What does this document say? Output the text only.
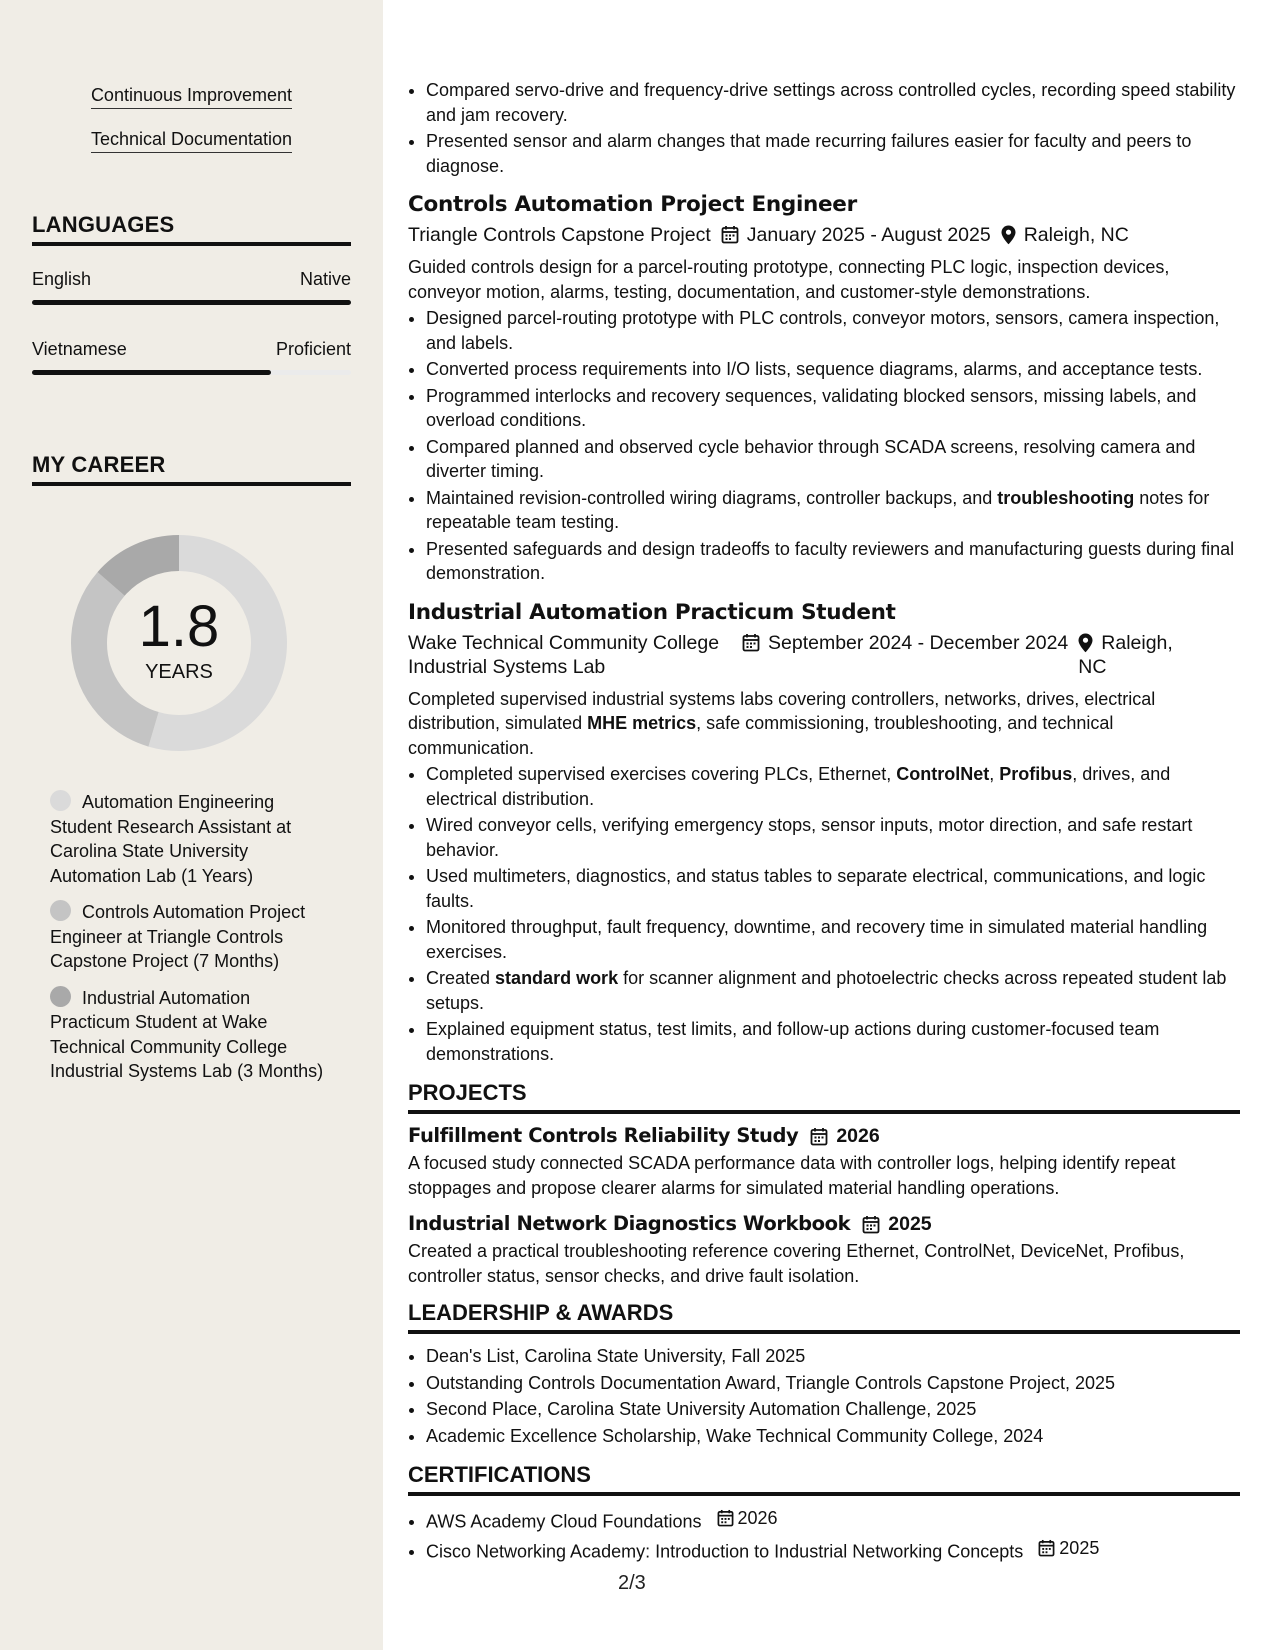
Continuous Improvement
Technical Documentation
LANGUAGES
English	Native
Vietnamese	Proficient
MY CAREER
1.8
YEARS
Automation Engineering Student Research Assistant at Carolina State University Automation Lab (1 Years)
Controls Automation Project Engineer at Triangle Controls Capstone Project (7 Months)
Industrial Automation Practicum Student at Wake Technical Community College Industrial Systems Lab (3 Months)
• Compared servo-drive and frequency-drive settings across controlled cycles, recording speed stability and jam recovery.
• Presented sensor and alarm changes that made recurring failures easier for faculty and peers to diagnose.
Controls Automation Project Engineer
Triangle Controls Capstone Project January 2025 - August 2025 Raleigh, NC
Guided controls design for a parcel-routing prototype, connecting PLC logic, inspection devices, conveyor motion, alarms, testing, documentation, and customer-style demonstrations.
• Designed parcel-routing prototype with PLC controls, conveyor motors, sensors, camera inspection, and labels.
• Converted process requirements into I/O lists, sequence diagrams, alarms, and acceptance tests.
• Programmed interlocks and recovery sequences, validating blocked sensors, missing labels, and overload conditions.
• Compared planned and observed cycle behavior through SCADA screens, resolving camera and diverter timing.
• Maintained revision-controlled wiring diagrams, controller backups, and troubleshooting notes for repeatable team testing.
• Presented safeguards and design tradeoffs to faculty reviewers and manufacturing guests during final demonstration.
Industrial Automation Practicum Student
Wake Technical Community College
Industrial Systems Lab
September 2024 - December 2024 Raleigh,
NC
Completed supervised industrial systems labs covering controllers, networks, drives, electrical distribution, simulated MHE metrics, safe commissioning, troubleshooting, and technical communication.
• Completed supervised exercises covering PLCs, Ethernet, ControlNet, Profibus, drives, and electrical distribution.
• Wired conveyor cells, verifying emergency stops, sensor inputs, motor direction, and safe restart behavior.
• Used multimeters, diagnostics, and status tables to separate electrical, communications, and logic faults.
• Monitored throughput, fault frequency, downtime, and recovery time in simulated material handling exercises.
• Created standard work for scanner alignment and photoelectric checks across repeated student lab setups.
• Explained equipment status, test limits, and follow-up actions during customer-focused team demonstrations.
PROJECTS
Fulfillment Controls Reliability Study 2026
A focused study connected SCADA performance data with controller logs, helping identify repeat stoppages and propose clearer alarms for simulated material handling operations.
Industrial Network Diagnostics Workbook 2025
Created a practical troubleshooting reference covering Ethernet, ControlNet, DeviceNet, Profibus, controller status, sensor checks, and drive fault isolation.
LEADERSHIP & AWARDS
• Dean's List, Carolina State University, Fall 2025
• Outstanding Controls Documentation Award, Triangle Controls Capstone Project, 2025
• Second Place, Carolina State University Automation Challenge, 2025
• Academic Excellence Scholarship, Wake Technical Community College, 2024
CERTIFICATIONS
• AWS Academy Cloud Foundations 2026
• Cisco Networking Academy: Introduction to Industrial Networking Concepts 2025
2/3
